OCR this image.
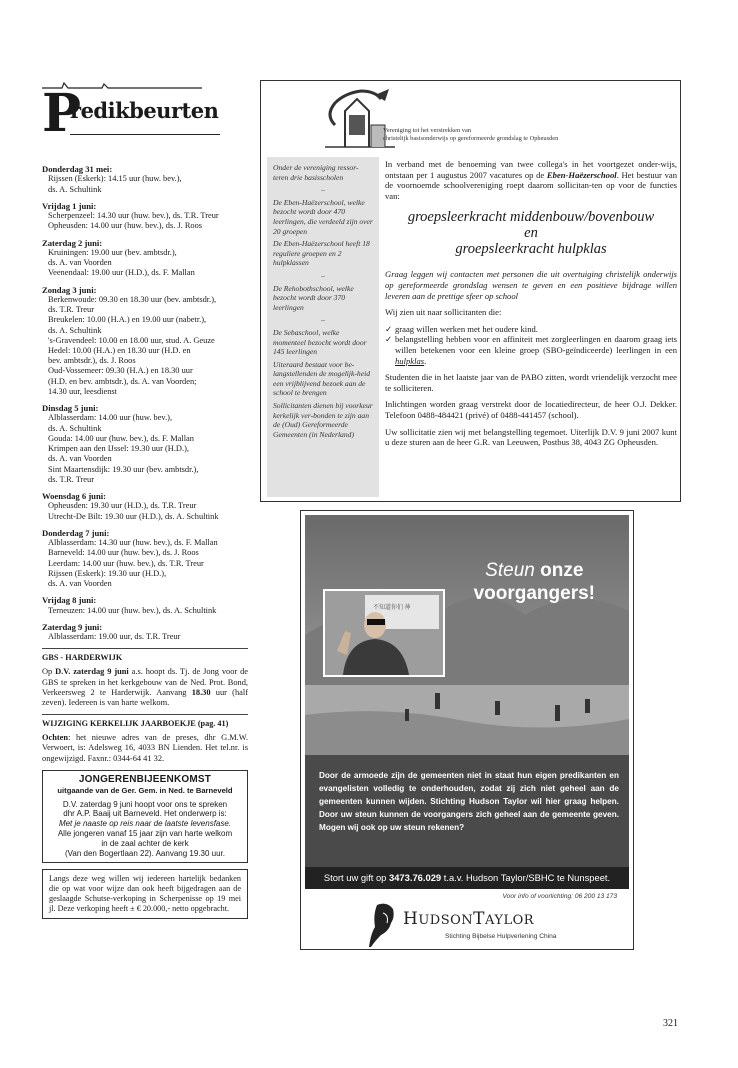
P
redikbeurten
Donderdag 31 mei:

Rijssen (Eskerk): 14.15 uur (huw. bev.),
ds. A. Schultink

Vrijdag 1 juni:

Scherpenzeel: 14.30 uur (huw. bev.), ds. T.R. Treur
Opheusden: 14.00 uur (huw. bev.), ds. J. Roos

Zaterdag 2 juni:

Kruiningen: 19.00 uur (bev. ambtsdr.),
ds. A. van Voorden
Veenendaal: 19.00 uur (H.D.), ds. F. Mallan

Zondag 3 juni:

Berkenwoude: 09.30 en 18.30 uur (bev. ambtsdr.),
ds. T.R. Treur
Breukelen: 10.00 (H.A.) en 19.00 uur (nabetr.),
ds. A. Schultink
's-Gravendeel: 10.00 en 18.00 uur, stud. A. Geuze
Hedel: 10.00 (H.A.) en 18.30 uur (H.D. en
bev. ambtsdr.), ds. J. Roos
Oud-Vossemeer: 09.30 (H.A.) en 18.30 uur
(H.D. en bev. ambtsdr.), ds. A. van Voorden;
14.30 uur, leesdienst

Dinsdag 5 juni:

Alblasserdam: 14.00 uur (huw. bev.),
ds. A. Schultink
Gouda: 14.00 uur (huw. bev.), ds. F. Mallan
Krimpen aan den IJssel: 19.30 uur (H.D.),
ds. A. van Voorden
Sint Maartensdijk: 19.30 uur (bev. ambtsdr.),
ds. T.R. Treur

Woensdag 6 juni:

Opheusden: 19.30 uur (H.D.), ds. T.R. Treur
Utrecht-De Bilt: 19.30 uur (H.D.), ds. A. Schultink

Donderdag 7 juni:

Alblasserdam: 14.30 uur (huw. bev.), ds. F. Mallan
Barneveld: 14.00 uur (huw. bev.), ds. J. Roos
Leerdam: 14.00 uur (huw. bev.), ds. T.R. Treur
Rijssen (Eskerk): 19.30 uur (H.D.),
ds. A. van Voorden

Vrijdag 8 juni:

Terneuzen: 14.00 uur (huw. bev.), ds. A. Schultink

Zaterdag 9 juni:

Alblasserdam: 19.00 uur, ds. T.R. Treur

GBS - HARDERWIJK

Op D.V. zaterdag 9 juni a.s. hoopt ds. Tj. de Jong voor de GBS te spreken in het kerkgebouw van de Ned. Prot. Bond, Verkeersweg 2 te Harderwijk. Aanvang 18.30 uur (half zeven). Iedereen is van harte welkom.

WIJZIGING KERKELIJK JAARBOEKJE (pag. 41)

Ochten: het nieuwe adres van de preses, dhr G.M.W. Verwoert, is: Adelsweg 16, 4033 BN Lienden. Het tel.nr. is ongewijzigd. Faxnr.: 0344-64 41 32.

JONGERENBIJEENKOMST
uitgaande van de Ger. Gem. in Ned. te Barneveld
D.V. zaterdag 9 juni hoopt voor ons te spreken
dhr A.P. Baaij uit Barneveld. Het onderwerp is:
Met je naaste op reis naar de laatste levensfase.
Alle jongeren vanaf 15 jaar zijn van harte welkom
in de zaal achter de kerk
(Van den Bogertlaan 22). Aanvang 19.30 uur.
Langs deze weg willen wij iedereen hartelijk bedanken die op wat voor wijze dan ook heeft bijgedragen aan de geslaagde Schutse-verkoping in Scherpenisse op 19 mei jl. Deze verkoping heeft ± € 20.000,- netto opgebracht.
Vereniging tot het verstrekken van
christelijk basisonderwijs op gereformeerde grondslag te Opheusden

Onder de vereniging ressor-teren drie basisscholen

–

De Eben-Haëzerschool, welke bezocht wordt door 470 leerlingen, die verdeeld zijn over 20 groepen

De Eben-Haëzerschool heeft 18 reguliere groepen en 2 hulpklassen

–

De Rehobothschool, welke bezocht wordt door 370 leerlingen

–

De Sebaschool, welke momenteel bezocht wordt door 145 leerlingen

Uiteraard bestaat voor be-langstellenden de mogelijk-heid een vrijblijvend bezoek aan de school te brengen

Sollicitanten dienen bij voorkeur kerkelijk ver-bonden te zijn aan de (Oud) Gereformeerde Gemeenten (in Nederland)

In verband met de benoeming van twee collega's in het voortgezet onder-wijs, ontstaan per 1 augustus 2007 vacatures op de Eben-Haëzerschool. Het bestuur van de voornoemde schoolvereniging roept daarom sollicitan-ten op voor de functies van:

groepsleerkracht middenbouw/bovenbouw
en
groepsleerkracht hulpklas

Graag leggen wij contacten met personen die uit overtuiging christelijk onderwijs op gereformeerde grondslag wensen te geven en een positieve bijdrage willen leveren aan de prettige sfeer op school

Wij zien uit naar sollicitanten die:

✓ graag willen werken met het oudere kind.

✓ belangstelling hebben voor en affiniteit met zorgleerlingen en daarom graag iets willen betekenen voor een kleine groep (SBO-geïndiceerde) leerlingen in een hulpklas.

Studenten die in het laatste jaar van de PABO zitten, wordt vriendelijk verzocht mee te solliciteren.

Inlichtingen worden graag verstrekt door de locatiedirecteur, de heer O.J. Dekker. Telefoon 0488-484421 (privé) of 0488-441457 (school).

Uw sollicitatie zien wij met belangstelling tegemoet. Uiterlijk D.V. 9 juni 2007 kunt u deze sturen aan de heer G.R. van Leeuwen, Postbus 38, 4043 ZG Opheusden.

不知道你们 神
Steun onze
voorgangers!
Door de armoede zijn de gemeenten niet in staat hun eigen predikanten en evangelisten volledig te onderhouden, zodat zij zich niet geheel aan de gemeenten kunnen wijden. Stichting Hudson Taylor wil hier graag helpen. Door uw steun kunnen de voorgangers zich geheel aan de gemeente geven. Mogen wij ook op uw steun rekenen?
Stort uw gift op 3473.76.029 t.a.v. Hudson Taylor/SBHC te Nunspeet.
Voor info of voorlichting: 06 200 13 173
HUDSONTAYLOR
Stichting Bijbelse Hulpverlening China
321
